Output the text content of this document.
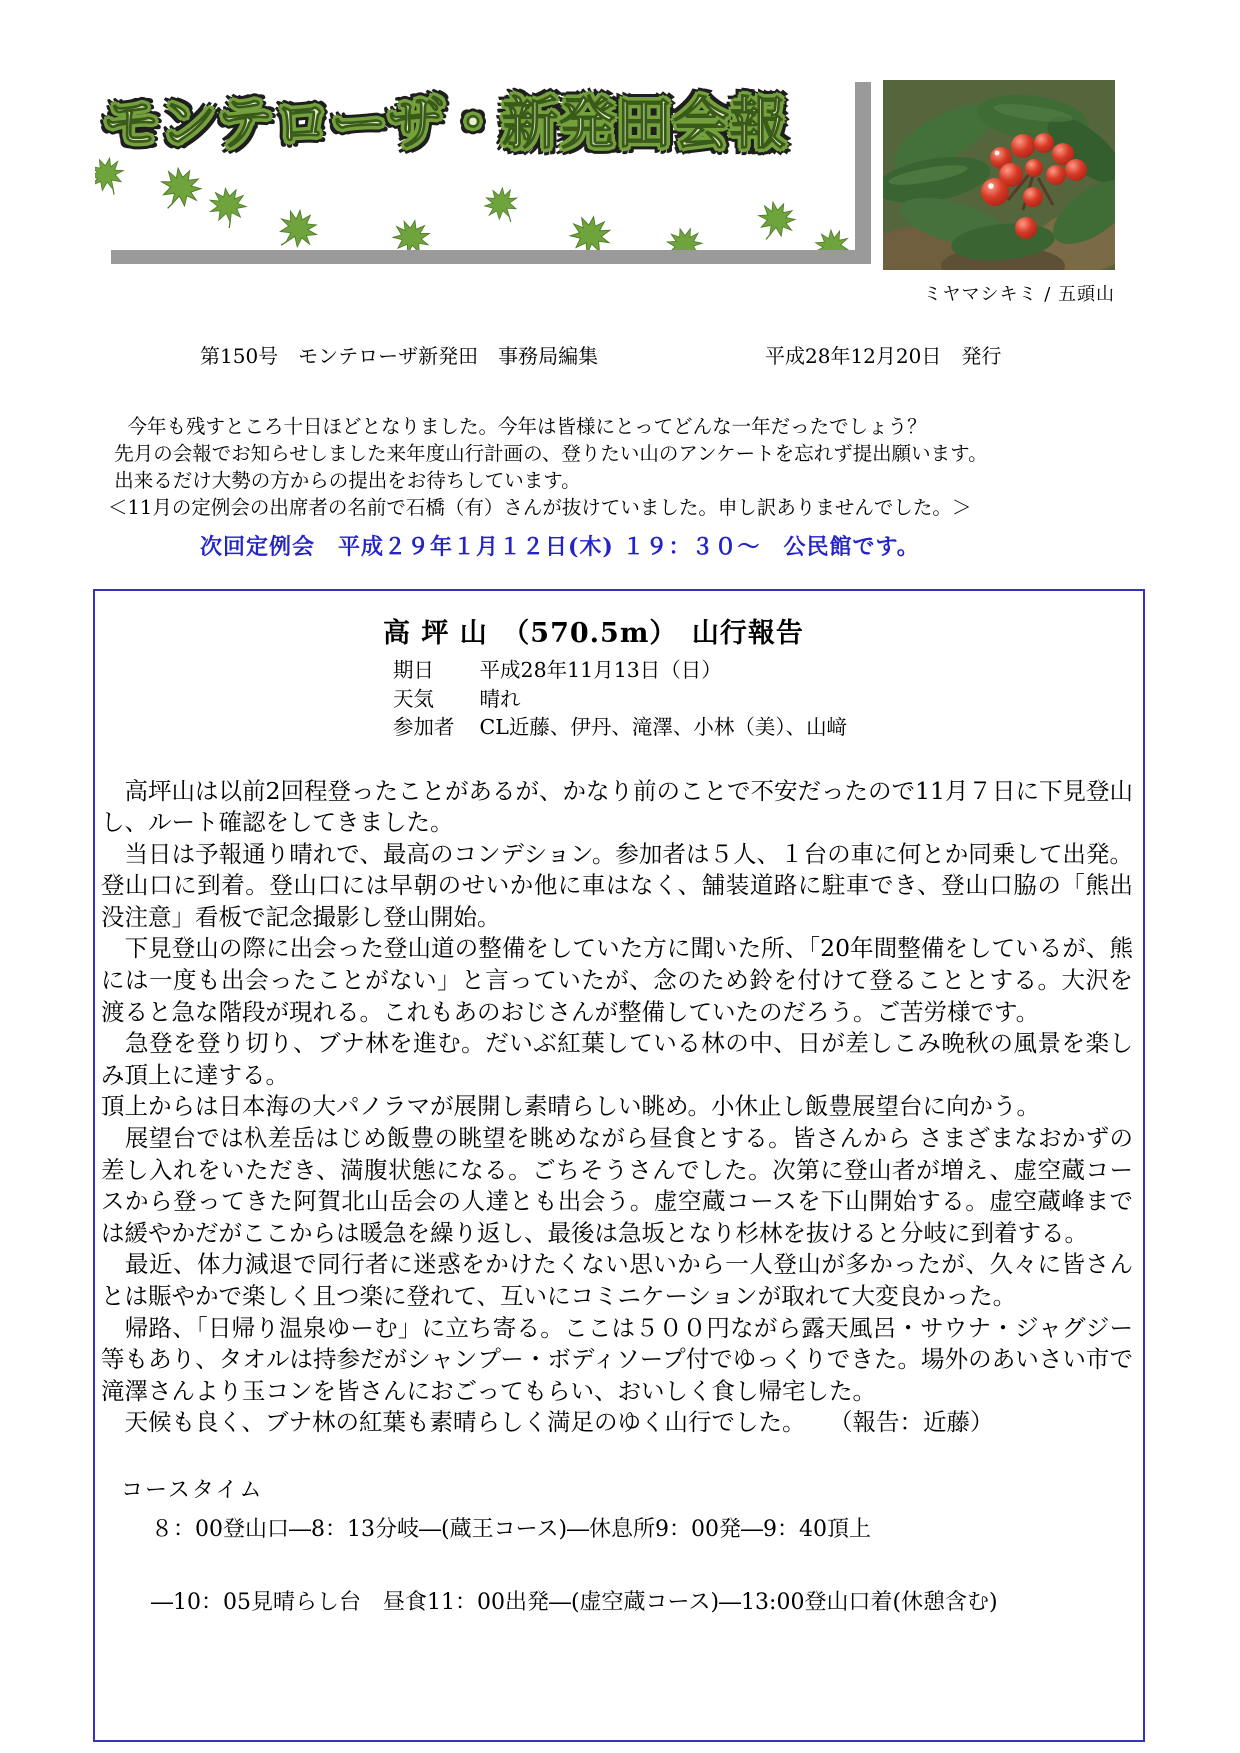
モンテローザ・新発田会報
ミヤマシキミ / 五頭山
第150号　モンテローザ新発田　事務局編集	平成28年12月20日　発行
　今年も残すところ十日ほどとなりました。今年は皆様にとってどんな一年だったでしょう？
先月の会報でお知らせしました来年度山行計画の、登りたい山のアンケートを忘れず提出願います。
出来るだけ大勢の方からの提出をお待ちしています。
＜11月の定例会の出席者の名前で石橋（有）さんが抜けていました。申し訳ありませんでした。＞
次回定例会　平成２９年１月１２日(木) １９：３０～　公民館です。
高 坪 山　（570.5m）　山行報告
期日 平成28年11月13日（日）
天気 晴れ
参加者 CL近藤、伊丹、滝澤、小林（美）、山﨑
　高坪山は以前2回程登ったことがあるが、かなり前のことで不安だったので11月７日に下見登山し、ルート確認をしてきました。
　当日は予報通り晴れで、最高のコンデション。参加者は５人、１台の車に何とか同乗して出発。登山口に到着。登山口には早朝のせいか他に車はなく、舗装道路に駐車でき、登山口脇の「熊出没注意」看板で記念撮影し登山開始。
　下見登山の際に出会った登山道の整備をしていた方に聞いた所、「20年間整備をしているが、熊には一度も出会ったことがない」と言っていたが、念のため鈴を付けて登ることとする。大沢を渡ると急な階段が現れる。これもあのおじさんが整備していたのだろう。ご苦労様です。
　急登を登り切り、ブナ林を進む。だいぶ紅葉している林の中、日が差しこみ晩秋の風景を楽しみ頂上に達する。
頂上からは日本海の大パノラマが展開し素晴らしい眺め。小休止し飯豊展望台に向かう。
　展望台では杁差岳はじめ飯豊の眺望を眺めながら昼食とする。皆さんから さまざまなおかずの差し入れをいただき、満腹状態になる。ごちそうさんでした。次第に登山者が増え、虚空蔵コースから登ってきた阿賀北山岳会の人達とも出会う。虚空蔵コースを下山開始する。虚空蔵峰までは緩やかだがここからは暖急を繰り返し、最後は急坂となり杉林を抜けると分岐に到着する。
　最近、体力減退で同行者に迷惑をかけたくない思いから一人登山が多かったが、久々に皆さんとは賑やかで楽しく且つ楽に登れて、互いにコミニケーションが取れて大変良かった。
　帰路、「日帰り温泉ゆーむ」に立ち寄る。ここは５００円ながら露天風呂・サウナ・ジャグジー等もあり、タオルは持参だがシャンプー・ボディソープ付でゆっくりできた。場外のあいさい市で滝澤さんより玉コンを皆さんにおごってもらい、おいしく食し帰宅した。
　天候も良く、ブナ林の紅葉も素晴らしく満足のゆく山行でした。　　（報告：近藤）
コースタイム
８：00登山口―8：13分岐―(蔵王コース)―休息所9：00発―9：40頂上
―10：05見晴らし台　昼食11：00出発―(虚空蔵コース)―13:00登山口着(休憩含む)
